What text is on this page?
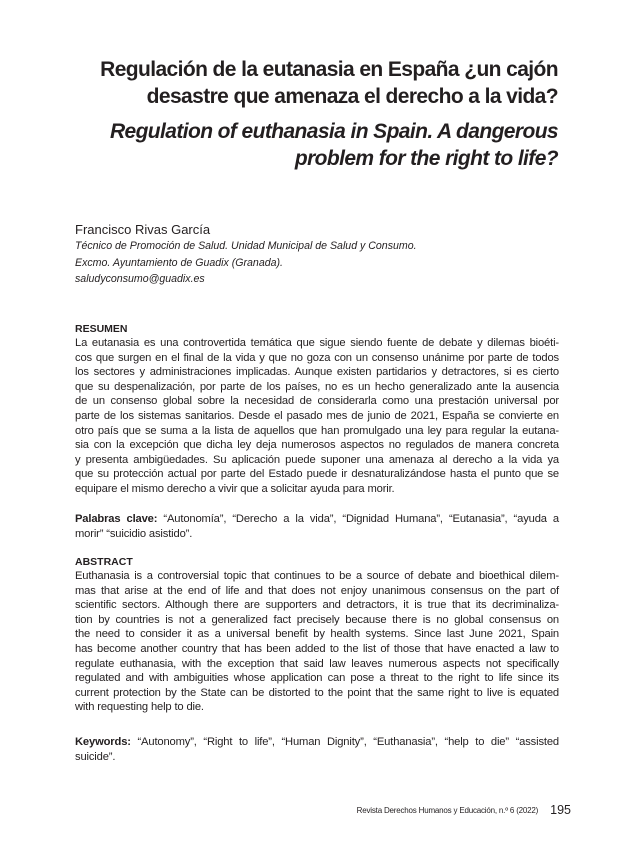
Regulación de la eutanasia en España ¿un cajón
desastre que amenaza el derecho a la vida?
Regulation of euthanasia in Spain. A dangerous
problem for the right to life?
Francisco Rivas García
Técnico de Promoción de Salud. Unidad Municipal de Salud y Consumo.
Excmo. Ayuntamiento de Guadix (Granada).
saludyconsumo@guadix.es
RESUMEN
La eutanasia es una controvertida temática que sigue siendo fuente de debate y dilemas bioéti-
cos que surgen en el final de la vida y que no goza con un consenso unánime por parte de todos
los sectores y administraciones implicadas. Aunque existen partidarios y detractores, si es cierto
que su despenalización, por parte de los países, no es un hecho generalizado ante la ausencia
de un consenso global sobre la necesidad de considerarla como una prestación universal por
parte de los sistemas sanitarios. Desde el pasado mes de junio de 2021, España se convierte en
otro país que se suma a la lista de aquellos que han promulgado una ley para regular la eutana-
sia con la excepción que dicha ley deja numerosos aspectos no regulados de manera concreta
y presenta ambigüedades. Su aplicación puede suponer una amenaza al derecho a la vida ya
que su protección actual por parte del Estado puede ir desnaturalizándose hasta el punto que se
equipare el mismo derecho a vivir que a solicitar ayuda para morir.
Palabras clave: “Autonomía”, “Derecho a la vida”, “Dignidad Humana”, “Eutanasia”, “ayuda a
morir” “suicidio asistido”.
ABSTRACT
Euthanasia is a controversial topic that continues to be a source of debate and bioethical dilem-
mas that arise at the end of life and that does not enjoy unanimous consensus on the part of
scientific sectors. Although there are supporters and detractors, it is true that its decriminaliza-
tion by countries is not a generalized fact precisely because there is no global consensus on
the need to consider it as a universal benefit by health systems. Since last June 2021, Spain
has become another country that has been added to the list of those that have enacted a law to
regulate euthanasia, with the exception that said law leaves numerous aspects not specifically
regulated and with ambiguities whose application can pose a threat to the right to life since its
current protection by the State can be distorted to the point that the same right to live is equated
with requesting help to die.
Keywords: “Autonomy”, “Right to life”, “Human Dignity”, “Euthanasia”, “help to die” “assisted
suicide”.
Revista Derechos Humanos y Educación, n.º 6 (2022) 195
